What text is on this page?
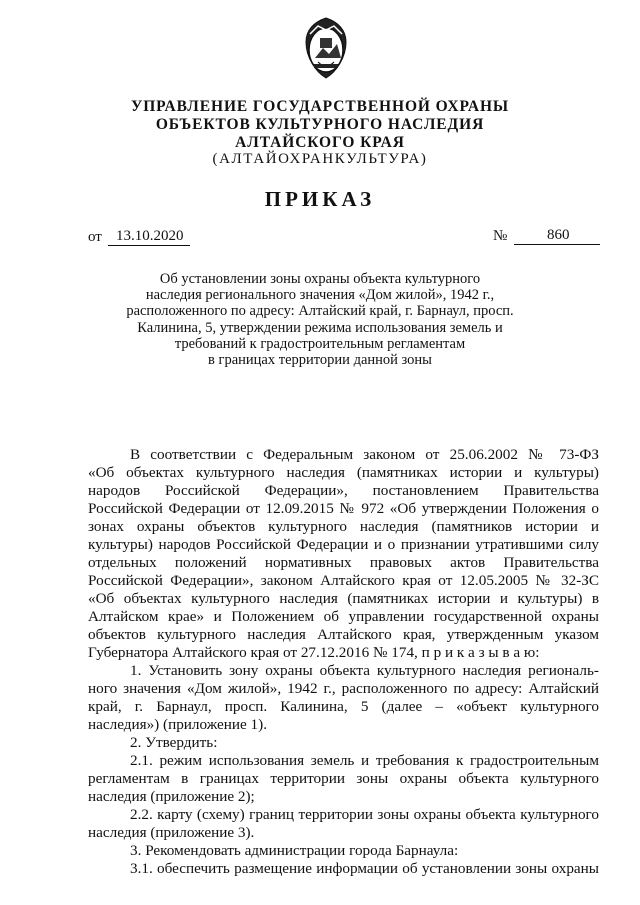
УПРАВЛЕНИЕ ГОСУДАРСТВЕННОЙ ОХРАНЫ
ОБЪЕКТОВ КУЛЬТУРНОГО НАСЛЕДИЯ
АЛТАЙСКОГО КРАЯ
(АЛТАЙОХРАНКУЛЬТУРА)
ПРИКАЗ
от 13.10.2020	№	860
Об установлении зоны охраны объекта культурного
наследия регионального значения «Дом жилой», 1942 г.,
расположенного по адресу: Алтайский край, г. Барнаул, просп.
Калинина, 5, утверждении режима использования земель и
требований к градостроительным регламентам
в границах территории данной зоны
В соответствии с Федеральным законом от 25.06.2002 № 73-ФЗ
«Об объектах культурного наследия (памятниках истории и культуры)
народов Российской Федерации», постановлением Правительства
Российской Федерации от 12.09.2015 № 972 «Об утверждении Положения о
зонах охраны объектов культурного наследия (памятников истории и
культуры) народов Российской Федерации и о признании утратившими силу
отдельных положений нормативных правовых актов Правительства
Российской Федерации», законом Алтайского края от 12.05.2005 № 32-ЗС
«Об объектах культурного наследия (памятниках истории и культуры) в
Алтайском крае» и Положением об управлении государственной охраны
объектов культурного наследия Алтайского края, утвержденным указом
Губернатора Алтайского края от 27.12.2016 № 174, п р и к а з ы в а ю:
1. Установить зону охраны объекта культурного наследия региональ-
ного значения «Дом жилой», 1942 г., расположенного по адресу: Алтайский
край, г. Барнаул, просп. Калинина, 5 (далее – «объект культурного
наследия») (приложение 1).
2. Утвердить:
2.1. режим использования земель и требования к градостроительным
регламентам в границах территории зоны охраны объекта культурного
наследия (приложение 2);
2.2. карту (схему) границ территории зоны охраны объекта культурного
наследия (приложение 3).
3. Рекомендовать администрации города Барнаула:
3.1. обеспечить размещение информации об установлении зоны охраны
